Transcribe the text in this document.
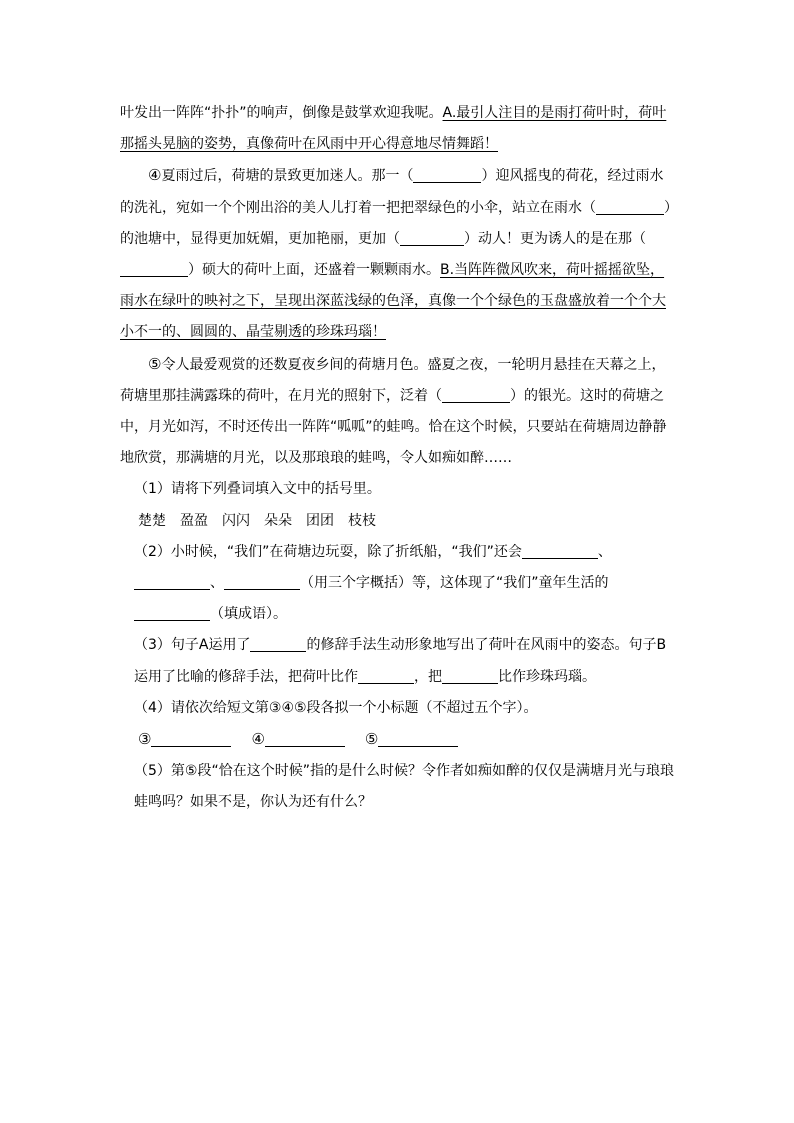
叶发出一阵阵“扑扑”的响声，倒像是鼓掌欢迎我呢。A.最引人注目的是雨打荷叶时，荷叶那摇头晃脑的姿势，真像荷叶在风雨中开心得意地尽情舞蹈！

④夏雨过后，荷塘的景致更加迷人。那一（	）迎风摇曳的荷花，经过雨水的洗礼，宛如一个个刚出浴的美人儿打着一把把翠绿色的小伞，站立在雨水（	）的池塘中，显得更加妩媚，更加艳丽，更加（	）动人！更为诱人的是在那（）硕大的荷叶上面，还盛着一颗颗雨水。B.当阵阵微风吹来，荷叶摇摇欲坠，雨水在绿叶的映衬之下，呈现出深蓝浅绿的色泽，真像一个个绿色的玉盘盛放着一个个大小不一的、圆圆的、晶莹剔透的珍珠玛瑙！

⑤令人最爱观赏的还数夏夜乡间的荷塘月色。盛夏之夜，一轮明月悬挂在天幕之上，荷塘里那挂满露珠的荷叶，在月光的照射下，泛着（	）的银光。这时的荷塘之中，月光如泻，不时还传出一阵阵“呱呱”的蛙鸣。恰在这个时候，只要站在荷塘周边静静地欣赏，那满塘的月光，以及那琅琅的蛙鸣，令人如痴如醉……

（1）请将下列叠词填入文中的括号里。

楚楚 盈盈 闪闪 朵朵 团团 枝枝

（2）小时候，“我们”在荷塘边玩耍，除了折纸船，“我们”还会	、、	（用三个字概括）等，这体现了“我们”童年生活的（填成语）。

（3）句子A运用了	的修辞手法生动形象地写出了荷叶在风雨中的姿态。句子B运用了比喻的修辞手法，把荷叶比作	，把	比作珍珠玛瑙。

（4）请依次给短文第③④⑤段各拟一个小标题（不超过五个字）。

③	④	⑤

（5）第⑤段“恰在这个时候”指的是什么时候？令作者如痴如醉的仅仅是满塘月光与琅琅蛙鸣吗？如果不是，你认为还有什么？
